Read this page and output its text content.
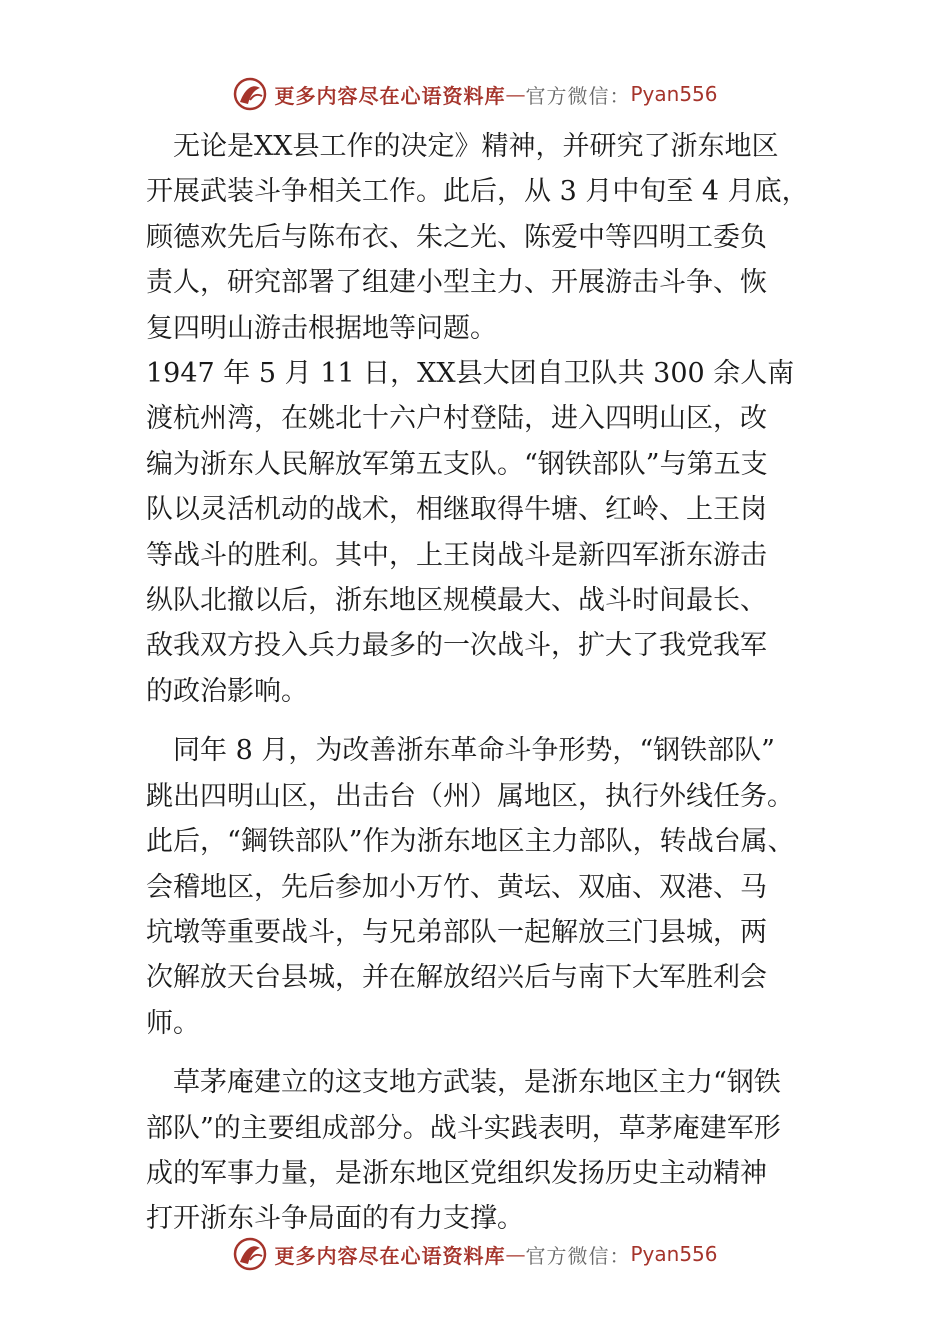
更多内容尽在心语资料库 — 官方微信： Pyan556

　无论是XX县工作的决定》精神，并研究了浙东地区
开展武装斗争相关工作。此后，从 3 月中旬至 4 月底，
顾德欢先后与陈布衣、朱之光、陈爱中等四明工委负
责人，研究部署了组建小型主力、开展游击斗争、恢
复四明山游击根据地等问题。

1947 年 5 月 11 日，XX县大团自卫队共 300 余人南
渡杭州湾，在姚北十六户村登陆，进入四明山区，改
编为浙东人民解放军第五支队。“钢铁部队”与第五支
队以灵活机动的战术，相继取得牛塘、红岭、上王岗
等战斗的胜利。其中，上王岗战斗是新四军浙东游击
纵队北撤以后，浙东地区规模最大、战斗时间最长、
敌我双方投入兵力最多的一次战斗，扩大了我党我军
的政治影响。

　同年 8 月，为改善浙东革命斗争形势，“钢铁部队”
跳出四明山区，出击台（州）属地区，执行外线任务。
此后，“鋼铁部队”作为浙东地区主力部队，转战台属、
会稽地区，先后参加小万竹、黄坛、双庙、双港、马
坑墩等重要战斗，与兄弟部队一起解放三门县城，两
次解放天台县城，并在解放绍兴后与南下大军胜利会
师。

　草茅庵建立的这支地方武装，是浙东地区主力“钢铁
部队”的主要组成部分。战斗实践表明，草茅庵建军形
成的军事力量，是浙东地区党组织发扬历史主动精神
打开浙东斗争局面的有力支撑。

更多内容尽在心语资料库 — 官方微信： Pyan556
